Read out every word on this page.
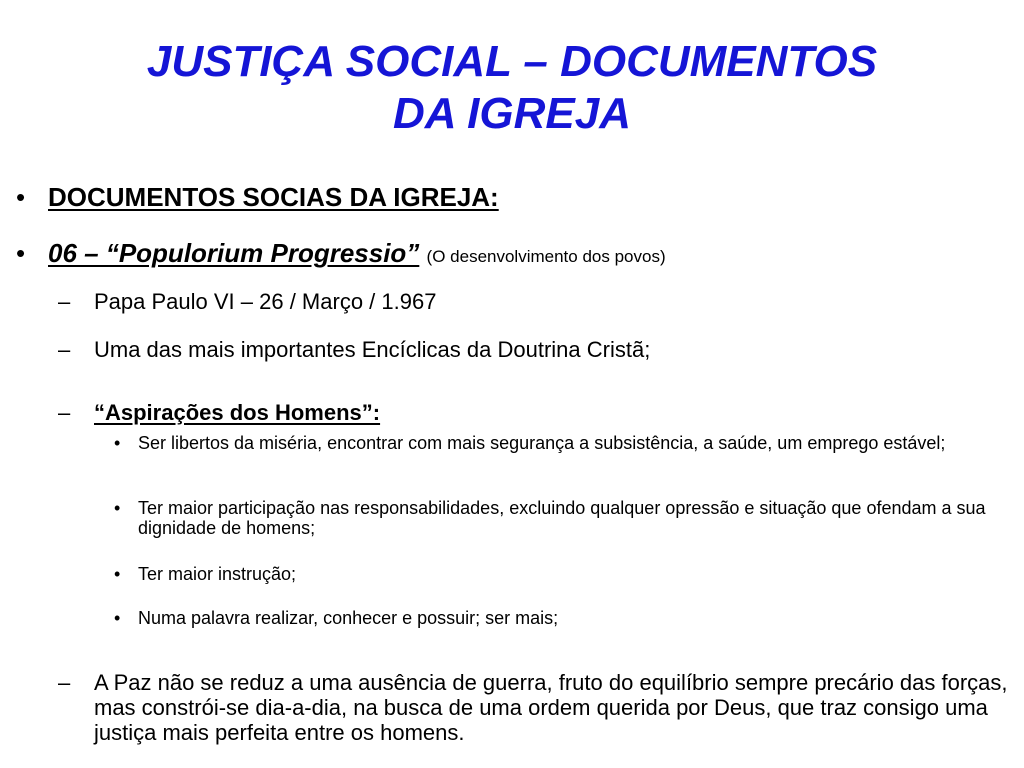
JUSTIÇA SOCIAL – DOCUMENTOS
DA IGREJA
• DOCUMENTOS SOCIAS DA IGREJA:
• 06 – “Populorium Progressio” (O desenvolvimento dos povos)
– Papa Paulo VI – 26 / Março / 1.967
– Uma das mais importantes Encíclicas da Doutrina Cristã;
– “Aspirações dos Homens”:
• Ser libertos da miséria, encontrar com mais segurança a subsistência, a saúde, um emprego estável;
• Ter maior participação nas responsabilidades, excluindo qualquer opressão e situação que ofendam a sua dignidade de homens;
• Ter maior instrução;
• Numa palavra realizar, conhecer e possuir; ser mais;
– A Paz não se reduz a uma ausência de guerra, fruto do equilíbrio sempre precário das forças, mas constrói-se dia-a-dia, na busca de uma ordem querida por Deus, que traz consigo uma justiça mais perfeita entre os homens.
